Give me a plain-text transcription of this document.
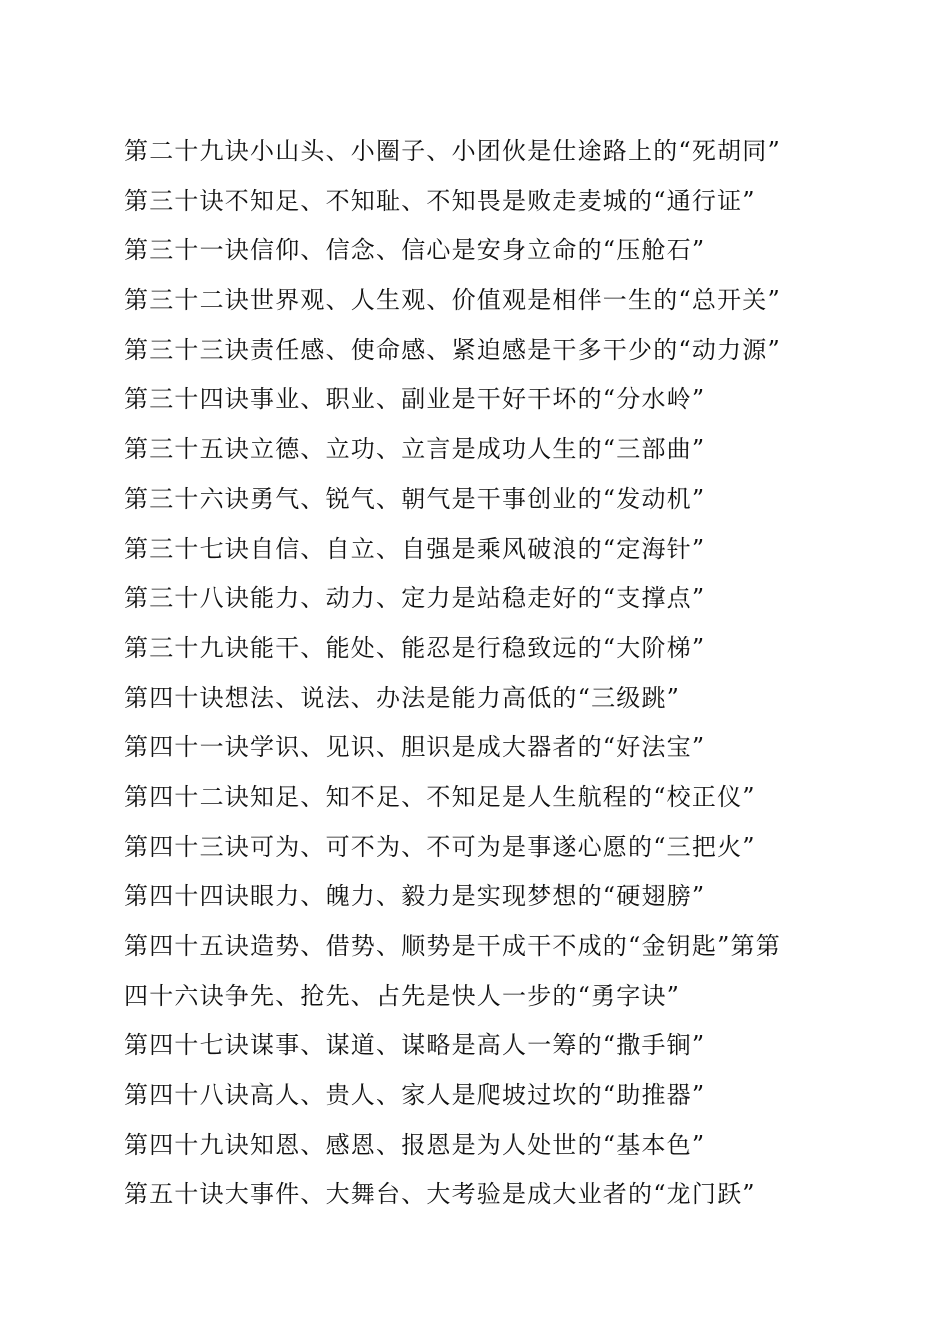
第二十九诀小山头、小圈子、小团伙是仕途路上的“死胡同”
第三十诀不知足、不知耻、不知畏是败走麦城的“通行证”
第三十一诀信仰、信念、信心是安身立命的“压舱石”
第三十二诀世界观、人生观、价值观是相伴一生的“总开关”
第三十三诀责任感、使命感、紧迫感是干多干少的“动力源”
第三十四诀事业、职业、副业是干好干坏的“分水岭”
第三十五诀立德、立功、立言是成功人生的“三部曲”
第三十六诀勇气、锐气、朝气是干事创业的“发动机”
第三十七诀自信、自立、自强是乘风破浪的“定海针”
第三十八诀能力、动力、定力是站稳走好的“支撑点”
第三十九诀能干、能处、能忍是行稳致远的“大阶梯”
第四十诀想法、说法、办法是能力高低的“三级跳”
第四十一诀学识、见识、胆识是成大器者的“好法宝”
第四十二诀知足、知不足、不知足是人生航程的“校正仪”
第四十三诀可为、可不为、不可为是事遂心愿的“三把火”
第四十四诀眼力、魄力、毅力是实现梦想的“硬翅膀”
第四十五诀造势、借势、顺势是干成干不成的“金钥匙”第第
四十六诀争先、抢先、占先是快人一步的“勇字诀”
第四十七诀谋事、谋道、谋略是高人一筹的“撒手锏”
第四十八诀高人、贵人、家人是爬坡过坎的“助推器”
第四十九诀知恩、感恩、报恩是为人处世的“基本色”
第五十诀大事件、大舞台、大考验是成大业者的“龙门跃”
